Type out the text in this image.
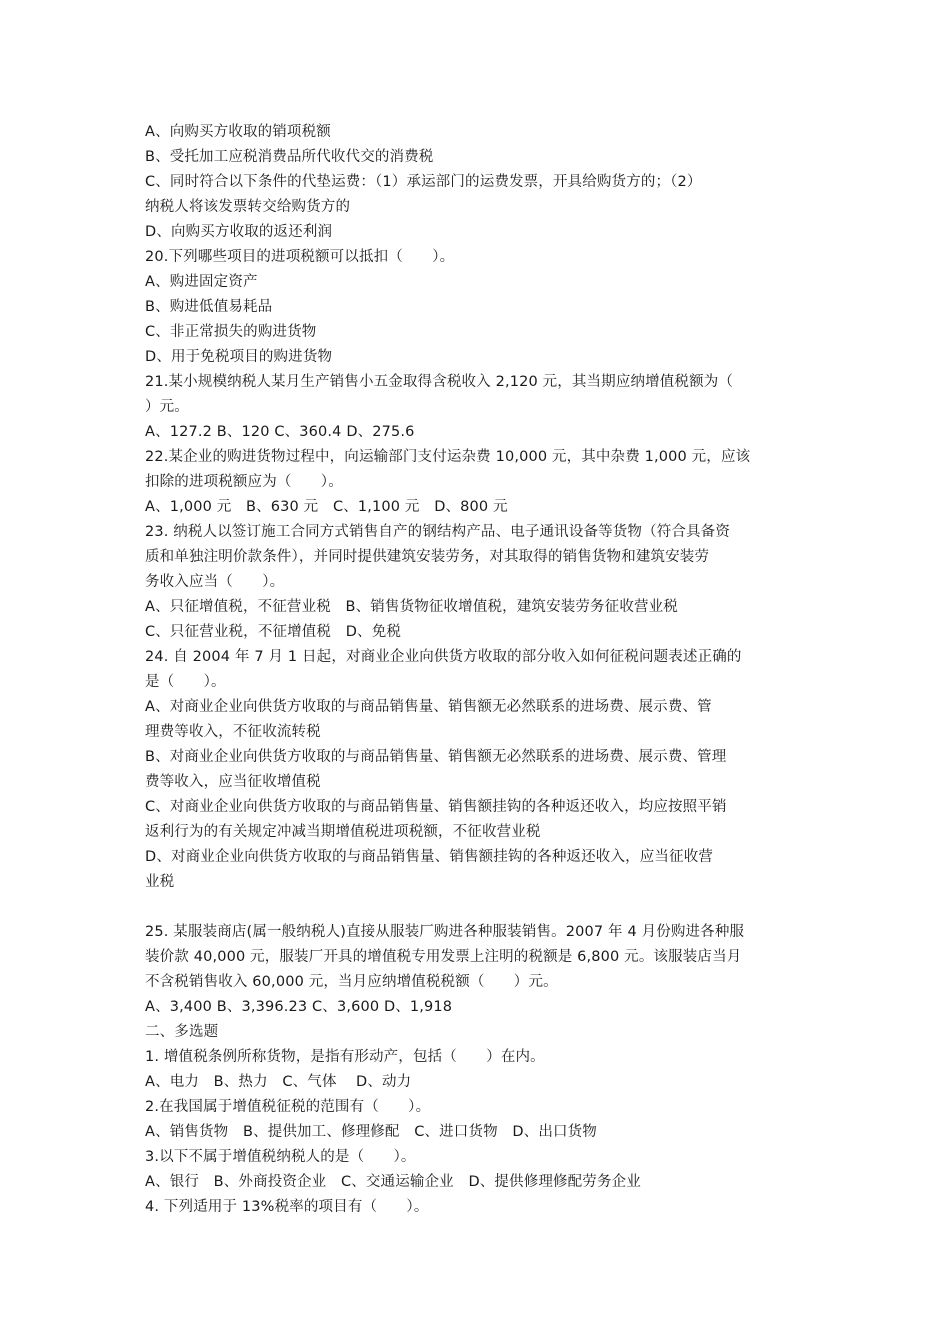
A、向购买方收取的销项税额
B、受托加工应税消费品所代收代交的消费税
C、同时符合以下条件的代垫运费：（1）承运部门的运费发票，开具给购货方的；（2）
纳税人将该发票转交给购货方的
D、向购买方收取的返还利润
20.下列哪些项目的进项税额可以抵扣（　　）。
A、购进固定资产
B、购进低值易耗品
C、非正常损失的购进货物
D、用于免税项目的购进货物
21.某小规模纳税人某月生产销售小五金取得含税收入 2,120 元，其当期应纳增值税额为（
）元。
A、127.2 B、120 C、360.4 D、275.6
22.某企业的购进货物过程中，向运输部门支付运杂费 10,000 元，其中杂费 1,000 元，应该
扣除的进项税额应为（　　）。
A、1,000 元　B、630 元　C、1,100 元　D、800 元
23. 纳税人以签订施工合同方式销售自产的钢结构产品、电子通讯设备等货物（符合具备资
质和单独注明价款条件），并同时提供建筑安装劳务，对其取得的销售货物和建筑安装劳
务收入应当（　　）。
A、只征增值税，不征营业税　B、销售货物征收增值税，建筑安装劳务征收营业税
C、只征营业税，不征增值税　D、免税
24. 自 2004 年 7 月 1 日起，对商业企业向供货方收取的部分收入如何征税问题表述正确的
是（　　）。
A、对商业企业向供货方收取的与商品销售量、销售额无必然联系的进场费、展示费、管
理费等收入，不征收流转税
B、对商业企业向供货方收取的与商品销售量、销售额无必然联系的进场费、展示费、管理
费等收入，应当征收增值税
C、对商业企业向供货方收取的与商品销售量、销售额挂钩的各种返还收入，均应按照平销
返利行为的有关规定冲减当期增值税进项税额，不征收营业税
D、对商业企业向供货方收取的与商品销售量、销售额挂钩的各种返还收入，应当征收营
业税
25. 某服装商店(属一般纳税人)直接从服装厂购进各种服装销售。2007 年 4 月份购进各种服
装价款 40,000 元，服装厂开具的增值税专用发票上注明的税额是 6,800 元。该服装店当月
不含税销售收入 60,000 元，当月应纳增值税税额（　　）元。
A、3,400 B、3,396.23 C、3,600 D、1,918
二、多选题
1. 增值税条例所称货物，是指有形动产，包括（　　）在内。
A、电力　B、热力　C、气体　 D、动力
2.在我国属于增值税征税的范围有（　　）。
A、销售货物　B、提供加工、修理修配　C、进口货物　D、出口货物
3.以下不属于增值税纳税人的是（　　）。
A、银行　B、外商投资企业　C、交通运输企业　D、提供修理修配劳务企业
4. 下列适用于 13%税率的项目有（　　）。
